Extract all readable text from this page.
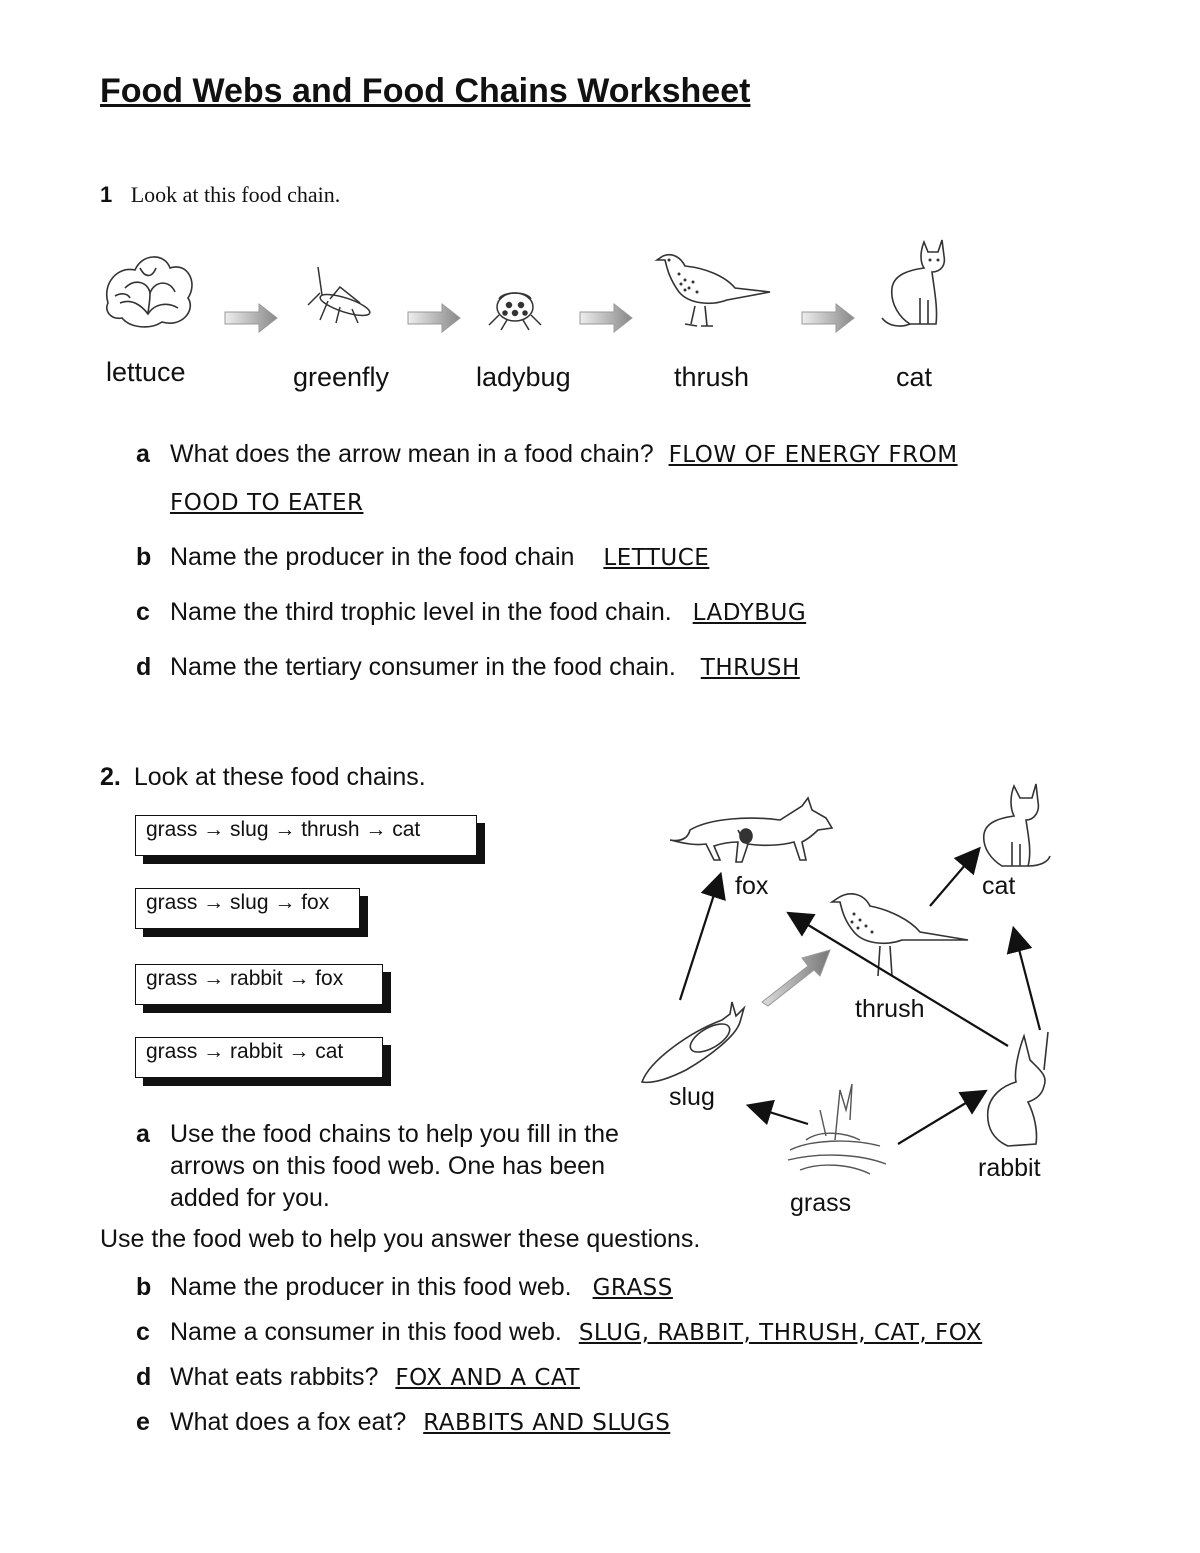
Food Webs and Food Chains Worksheet
1 Look at this food chain.
lettuce	greenfly	ladybug	thrush	cat
a What does the arrow mean in a food chain? FLOW OF ENERGY FROM
FOOD TO EATER
b Name the producer in the food chain LETTUCE
c Name the third trophic level in the food chain. LADYBUG
d Name the tertiary consumer in the food chain. THRUSH
2. Look at these food chains.
grass → slug → thrush → cat
grass → slug → fox
grass → rabbit → fox
grass → rabbit → cat
fox	cat
thrush
slug
rabbit
grass
a Use the food chains to help you fill in the
arrows on this food web. One has been
added for you.
Use the food web to help you answer these questions.
b Name the producer in this food web. GRASS
c Name a consumer in this food web. SLUG, RABBIT, THRUSH, CAT, FOX
d What eats rabbits? FOX AND A CAT
e What does a fox eat? RABBITS AND SLUGS
